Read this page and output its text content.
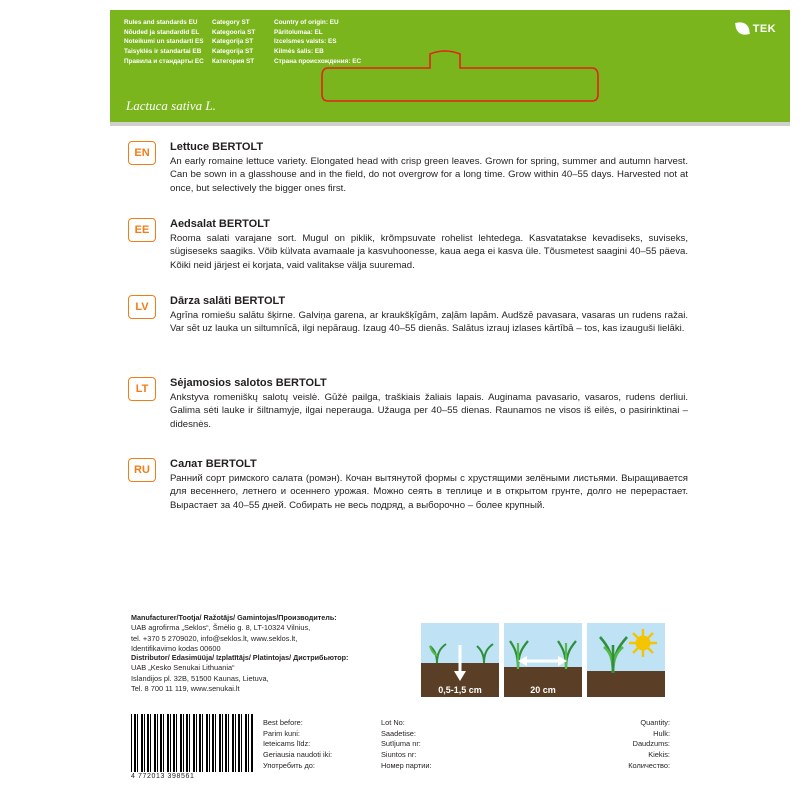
Rules and standards EU	Category ST	Country of origin: EU
Nõuded ja standardid EL	Kategooria ST	Päritolumaa: EL
Noteikumi un standarti ES	Kategorija ST	Izcelsmes valsts: ES
Taisyklės ir standartai EB	Kategorija ST	Kilmės šalis: EB
Правила и стандарты ЕС	Категория ST	Страна происхождения: ЕС
Lactuca sativa L.
TEK
EN	Lettuce BERTOLT

An early romaine lettuce variety. Elongated head with crisp green leaves. Grown for spring, summer and autumn harvest. Can be sown in a glasshouse and in the field, do not overgrow for a long time. Grow within 40–55 days. Harvested not at once, but selectively the bigger ones first.

EE	Aedsalat BERTOLT

Rooma salati varajane sort. Mugul on piklik, krõmpsuvate rohelist lehtedega. Kasvatatakse kevadiseks, suviseks, sügiseseks saagiks. Võib külvata avamaale ja kasvuhoonesse, kaua aega ei kasva üle. Tõusmetest saagini 40–55 päeva. Kõiki neid järjest ei korjata, vaid valitakse välja suuremad.

LV	Dārza salāti BERTOLT

Agrīna romiešu salātu šķirne. Galviņa garena, ar kraukšķīgām, zaļām lapām. Audšzē pavasara, vasaras un rudens ražai. Var sēt uz lauka un siltumnīcā, ilgi nepāraug. Izaug 40–55 dienās. Salātus izrauj izlases kārtībā – tos, kas izauguši lielāki.

LT	Sėjamosios salotos BERTOLT

Ankstyva romeniškų salotų veislė. Gūžė pailga, traškiais žaliais lapais. Auginama pavasario, vasaros, rudens derliui. Galima sėti lauke ir šiltnamyje, ilgai neperauga. Užauga per 40–55 dienas. Raunamos ne visos iš eilės, o pasirinktinai – didesnės.

RU	Салат BERTOLT

Ранний сорт римского салата (ромэн). Кочан вытянутой формы с хрустящими зелёными листьями. Выращивается для весеннего, летнего и осеннего урожая. Можно сеять в теплице и в открытом грунте, долго не перерастает. Вырастает за 40–55 дней. Собирать не весь подряд, а выборочно – более крупный.

Manufacturer/Tootja/ Ražotājs/ Gamintojas/Производитель:
UAB agrofirma „Seklos“, Šmėlio g. 8, LT-10324 Vilnius,
tel. +370 5 2709020, info@seklos.lt, www.seklos.lt,
Identifikavimo kodas 00600
Distributor/ Edasimüüja/ Izplatītājs/ Platintojas/ Дистрибьютор:
UAB „Kesko Senukai Lithuania“
Islandijos pl. 32B, 51500 Kaunas, Lietuva,
Tel. 8 700 11 119, www.senukai.lt	0,5-1,5 cm	20 cm
4 772013 398561
Best before:
Parim kuni:
Ieteicams līdz:
Geriausia naudoti iki:
Употребить до:
Lot No:
Saadetise:
Sutījuma nr:
Siuntos nr:
Номер партии:
Quantity:
Hulk:
Daudzums:
Kiekis:
Количество:
